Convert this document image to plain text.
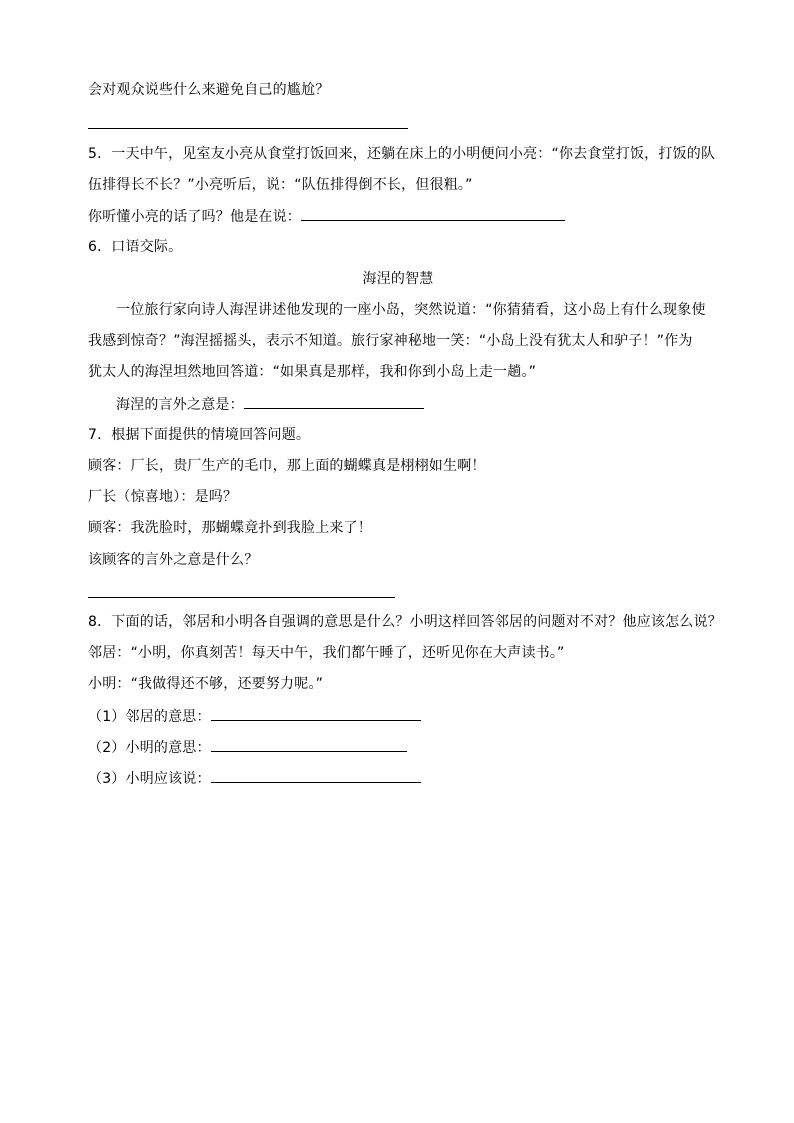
会对观众说些什么来避免自己的尴尬？
5．一天中午，见室友小亮从食堂打饭回来，还躺在床上的小明便问小亮：“你去食堂打饭，打饭的队
伍排得长不长？”小亮听后，说：“队伍排得倒不长，但很粗。”
你听懂小亮的话了吗？他是在说：
6．口语交际。
海涅的智慧
一位旅行家向诗人海涅讲述他发现的一座小岛，突然说道：“你猜猜看，这小岛上有什么现象使
我感到惊奇？”海涅摇摇头，表示不知道。旅行家神秘地一笑：“小岛上没有犹太人和驴子！”作为
犹太人的海涅坦然地回答道：“如果真是那样，我和你到小岛上走一趟。”
海涅的言外之意是：
7．根据下面提供的情境回答问题。
顾客：厂长，贵厂生产的毛巾，那上面的蝴蝶真是栩栩如生啊！
厂长（惊喜地）：是吗？
顾客：我洗脸时，那蝴蝶竟扑到我脸上来了！
该顾客的言外之意是什么？
8．下面的话，邻居和小明各自强调的意思是什么？小明这样回答邻居的问题对不对？他应该怎么说？
邻居：“小明，你真刻苦！每天中午，我们都午睡了，还听见你在大声读书。”
小明：“我做得还不够，还要努力呢。”
（1）邻居的意思：
（2）小明的意思：
（3）小明应该说：
